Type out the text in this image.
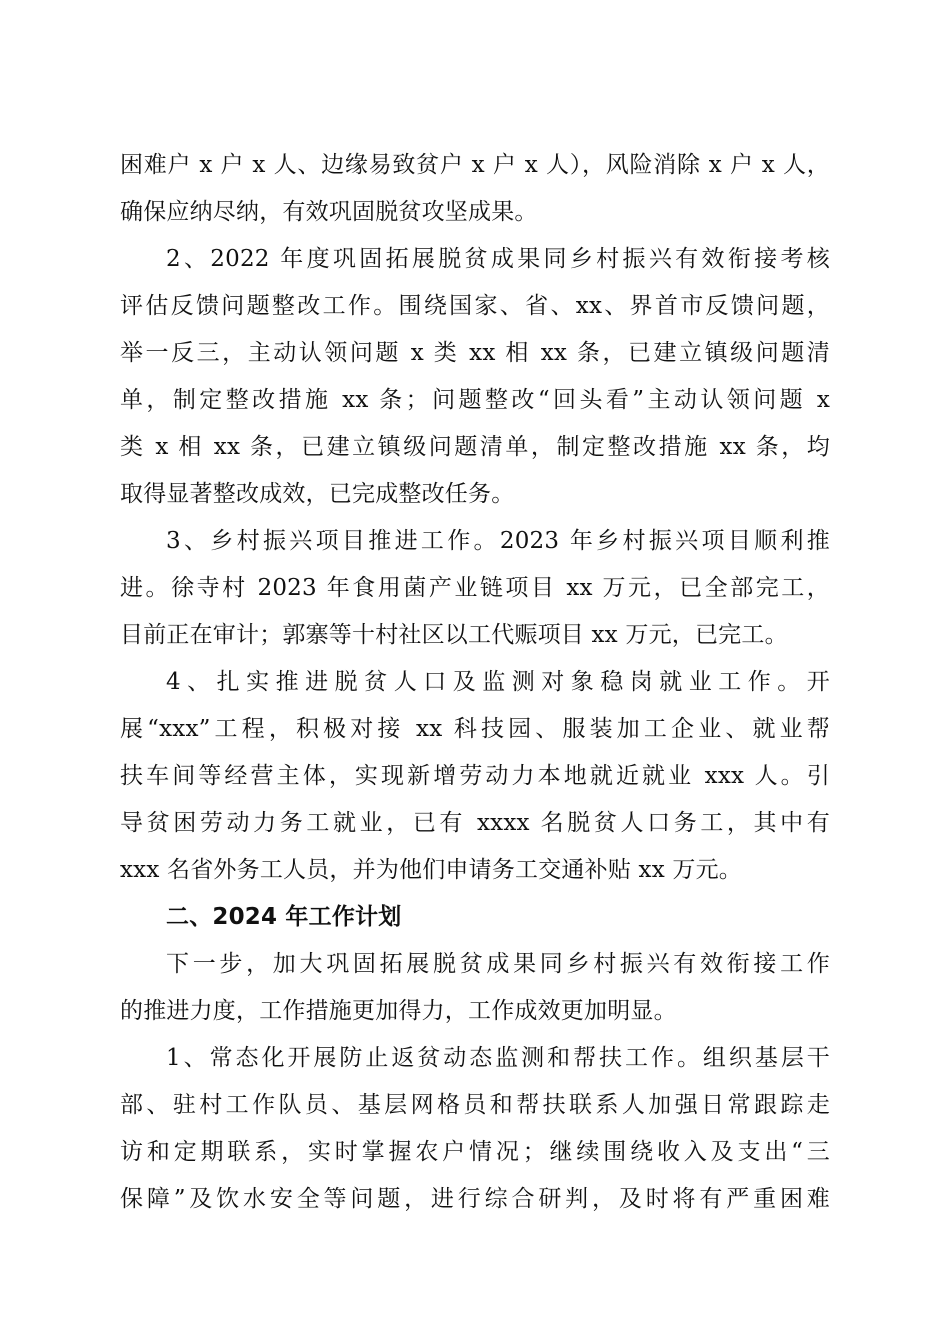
困难户 x 户 x 人、边缘易致贫户 x 户 x 人），风险消除 x 户 x 人，
确保应纳尽纳，有效巩固脱贫攻坚成果。
2、2022 年度巩固拓展脱贫成果同乡村振兴有效衔接考核
评估反馈问题整改工作。围绕国家、省、xx、界首市反馈问题，
举一反三，主动认领问题 x 类 xx 相 xx 条，已建立镇级问题清
单，制定整改措施 xx 条；问题整改“回头看”主动认领问题 x
类 x 相 xx 条，已建立镇级问题清单，制定整改措施 xx 条，均
取得显著整改成效，已完成整改任务。
3、乡村振兴项目推进工作。2023 年乡村振兴项目顺利推
进。徐寺村 2023 年食用菌产业链项目 xx 万元，已全部完工，
目前正在审计；郭寨等十村社区以工代赈项目 xx 万元，已完工。
4、扎实推进脱贫人口及监测对象稳岗就业工作。开
展“xxx”工程，积极对接 xx 科技园、服装加工企业、就业帮
扶车间等经营主体，实现新增劳动力本地就近就业 xxx 人。引
导贫困劳动力务工就业，已有 xxxx 名脱贫人口务工，其中有
xxx 名省外务工人员，并为他们申请务工交通补贴 xx 万元。
二、2024 年工作计划
下一步，加大巩固拓展脱贫成果同乡村振兴有效衔接工作
的推进力度，工作措施更加得力，工作成效更加明显。
1、常态化开展防止返贫动态监测和帮扶工作。组织基层干
部、驻村工作队员、基层网格员和帮扶联系人加强日常跟踪走
访和定期联系，实时掌握农户情况；继续围绕收入及支出“三
保障”及饮水安全等问题，进行综合研判，及时将有严重困难
